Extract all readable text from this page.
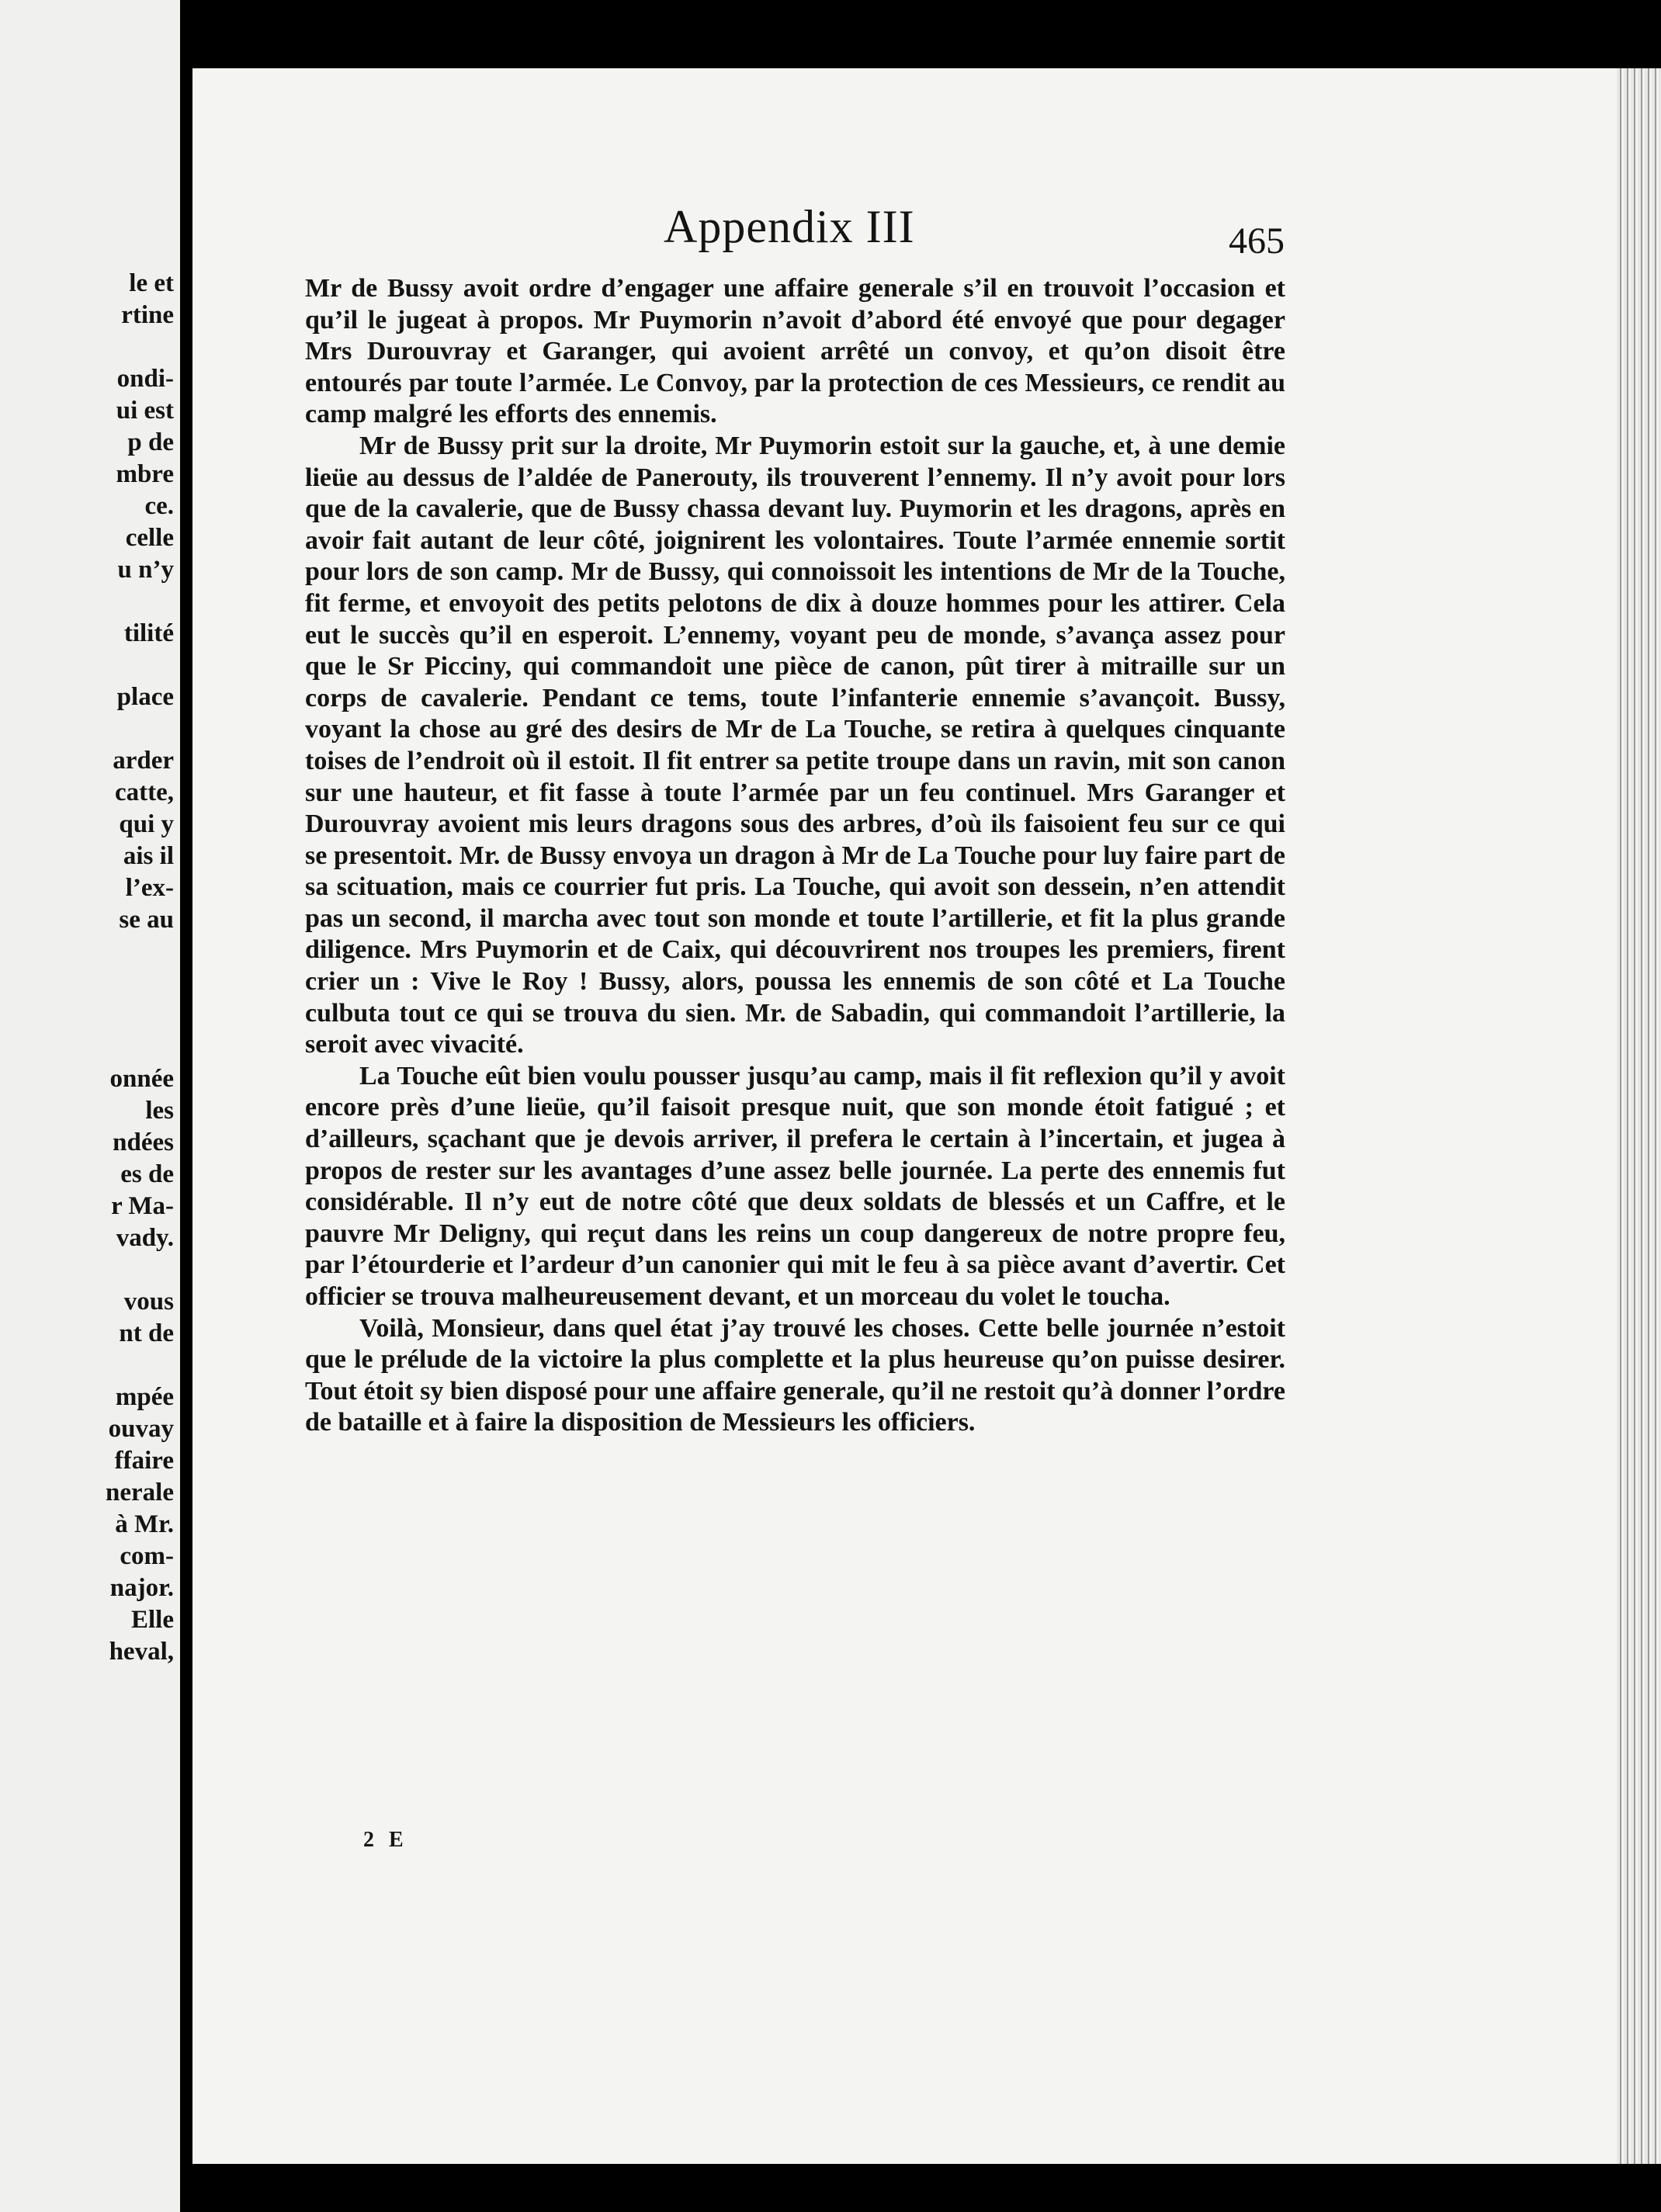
le et
rtine
ondi-
ui est
p de
mbre
ce.
celle
u n’y
tilité
place
arder
catte,
qui y
ais il
l’ex-
se au
onnée
les
ndées
es de
r Ma-
vady.
vous
nt de
mpée
ouvay
ffaire
nerale
à Mr.
com-
najor.
Elle
heval,
Appendix III	465

Mr de Bussy avoit ordre d’engager une affaire generale s’il en trouvoit l’occasion et qu’il le jugeat à propos. Mr Puymorin n’avoit d’abord été envoyé que pour degager Mrs Durouvray et Garanger, qui avoient arrêté un convoy, et qu’on disoit être entourés par toute l’armée. Le Convoy, par la protection de ces Messieurs, ce rendit au camp malgré les efforts des ennemis.

Mr de Bussy prit sur la droite, Mr Puymorin estoit sur la gauche, et, à une demie lieüe au dessus de l’aldée de Panerouty, ils trouverent l’ennemy. Il n’y avoit pour lors que de la cavalerie, que de Bussy chassa devant luy. Puymorin et les dragons, après en avoir fait autant de leur côté, joignirent les volontaires. Toute l’armée ennemie sortit pour lors de son camp. Mr de Bussy, qui connoissoit les intentions de Mr de la Touche, fit ferme, et envoyoit des petits pelotons de dix à douze hommes pour les attirer. Cela eut le succès qu’il en esperoit. L’ennemy, voyant peu de monde, s’avança assez pour que le Sr Picciny, qui commandoit une pièce de canon, pût tirer à mitraille sur un corps de cavalerie. Pendant ce tems, toute l’infanterie ennemie s’avançoit. Bussy, voyant la chose au gré des desirs de Mr de La Touche, se retira à quelques cinquante toises de l’endroit où il estoit. Il fit entrer sa petite troupe dans un ravin, mit son canon sur une hauteur, et fit fasse à toute l’armée par un feu continuel. Mrs Garanger et Durouvray avoient mis leurs dragons sous des arbres, d’où ils faisoient feu sur ce qui se presentoit. Mr. de Bussy envoya un dragon à Mr de La Touche pour luy faire part de sa scituation, mais ce courrier fut pris. La Touche, qui avoit son dessein, n’en attendit pas un second, il marcha avec tout son monde et toute l’artillerie, et fit la plus grande diligence. Mrs Puymorin et de Caix, qui découvrirent nos troupes les premiers, firent crier un : Vive le Roy ! Bussy, alors, poussa les ennemis de son côté et La Touche culbuta tout ce qui se trouva du sien. Mr. de Sabadin, qui commandoit l’artillerie, la seroit avec vivacité.

La Touche eût bien voulu pousser jusqu’au camp, mais il fit reflexion qu’il y avoit encore près d’une lieüe, qu’il faisoit presque nuit, que son monde étoit fatigué ; et d’ailleurs, sçachant que je devois arriver, il prefera le certain à l’incertain, et jugea à propos de rester sur les avantages d’une assez belle journée. La perte des ennemis fut considérable. Il n’y eut de notre côté que deux soldats de blessés et un Caffre, et le pauvre Mr Deligny, qui reçut dans les reins un coup dangereux de notre propre feu, par l’étourderie et l’ardeur d’un canonier qui mit le feu à sa pièce avant d’avertir. Cet officier se trouva malheureusement devant, et un morceau du volet le toucha.

Voilà, Monsieur, dans quel état j’ay trouvé les choses. Cette belle journée n’estoit que le prélude de la victoire la plus complette et la plus heureuse qu’on puisse desirer. Tout étoit sy bien disposé pour une affaire generale, qu’il ne restoit qu’à donner l’ordre de bataille et à faire la disposition de Messieurs les officiers.

2 E
